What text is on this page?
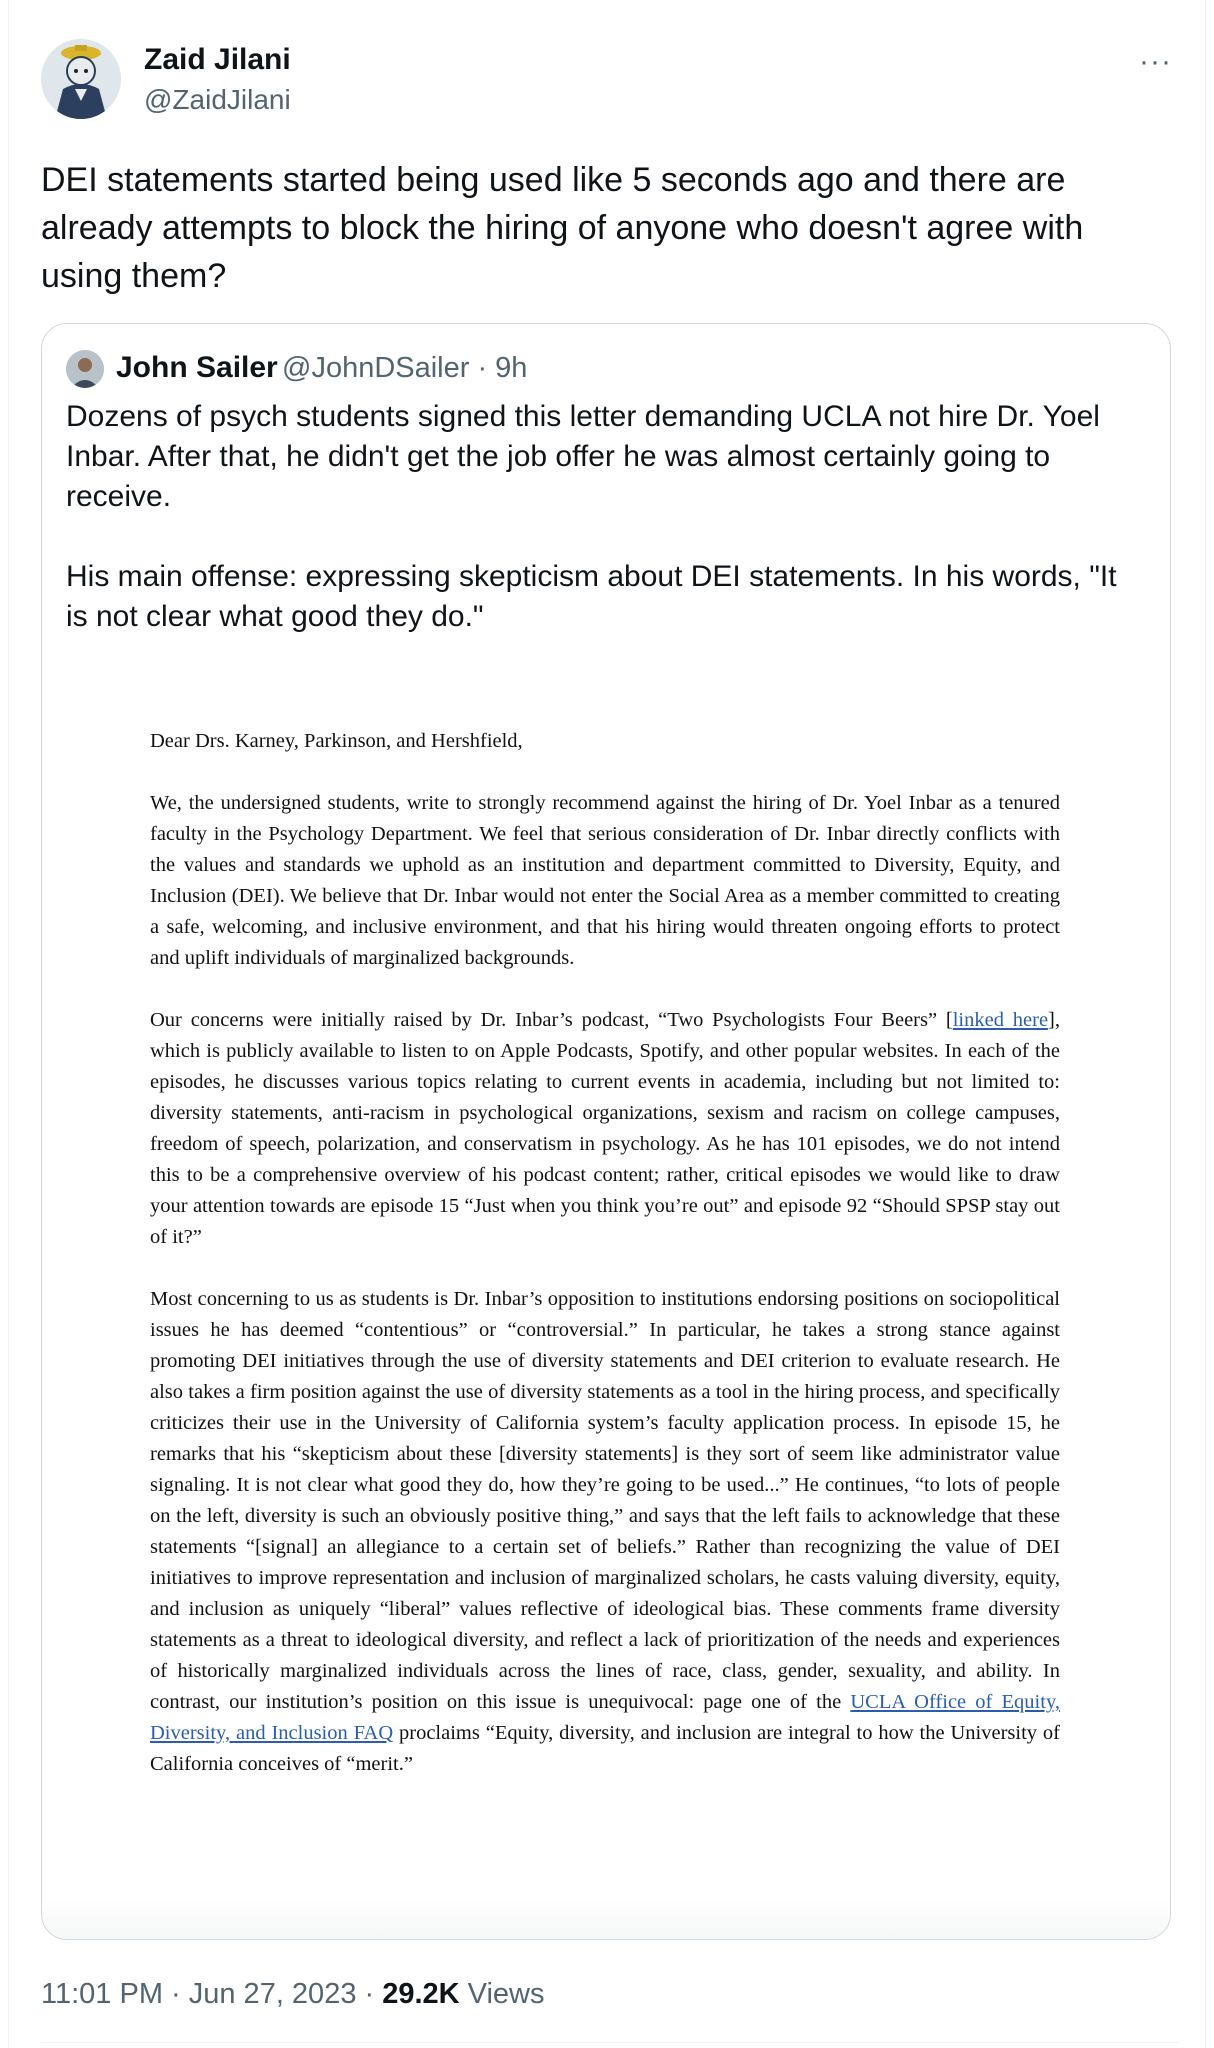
Zaid Jilani
@ZaidJilani
···

DEI statements started being used like 5 seconds ago and there are already attempts to block the hiring of anyone who doesn't agree with using them?

John Sailer @JohnDSailer · 9h

Dozens of psych students signed this letter demanding UCLA not hire Dr. Yoel Inbar. After that, he didn't get the job offer he was almost certainly going to receive.

His main offense: expressing skepticism about DEI statements. In his words, "It is not clear what good they do."

Dear Drs. Karney, Parkinson, and Hershfield,

We, the undersigned students, write to strongly recommend against the hiring of Dr. Yoel Inbar as a tenured faculty in the Psychology Department. We feel that serious consideration of Dr. Inbar directly conflicts with the values and standards we uphold as an institution and department committed to Diversity, Equity, and Inclusion (DEI). We believe that Dr. Inbar would not enter the Social Area as a member committed to creating a safe, welcoming, and inclusive environment, and that his hiring would threaten ongoing efforts to protect and uplift individuals of marginalized backgrounds.

Our concerns were initially raised by Dr. Inbar’s podcast, “Two Psychologists Four Beers” [linked here], which is publicly available to listen to on Apple Podcasts, Spotify, and other popular websites. In each of the episodes, he discusses various topics relating to current events in academia, including but not limited to: diversity statements, anti-racism in psychological organizations, sexism and racism on college campuses, freedom of speech, polarization, and conservatism in psychology. As he has 101 episodes, we do not intend this to be a comprehensive overview of his podcast content; rather, critical episodes we would like to draw your attention towards are episode 15 “Just when you think you’re out” and episode 92 “Should SPSP stay out of it?”

Most concerning to us as students is Dr. Inbar’s opposition to institutions endorsing positions on sociopolitical issues he has deemed “contentious” or “controversial.” In particular, he takes a strong stance against promoting DEI initiatives through the use of diversity statements and DEI criterion to evaluate research. He also takes a firm position against the use of diversity statements as a tool in the hiring process, and specifically criticizes their use in the University of California system’s faculty application process. In episode 15, he remarks that his “skepticism about these [diversity statements] is they sort of seem like administrator value signaling. It is not clear what good they do, how they’re going to be used...” He continues, “to lots of people on the left, diversity is such an obviously positive thing,” and says that the left fails to acknowledge that these statements “[signal] an allegiance to a certain set of beliefs.” Rather than recognizing the value of DEI initiatives to improve representation and inclusion of marginalized scholars, he casts valuing diversity, equity, and inclusion as uniquely “liberal” values reflective of ideological bias. These comments frame diversity statements as a threat to ideological diversity, and reflect a lack of prioritization of the needs and experiences of historically marginalized individuals across the lines of race, class, gender, sexuality, and ability. In contrast, our institution’s position on this issue is unequivocal: page one of the UCLA Office of Equity, Diversity, and Inclusion FAQ proclaims “Equity, diversity, and inclusion are integral to how the University of California conceives of “merit.”

11:01 PM · Jun 27, 2023 · 29.2K Views
